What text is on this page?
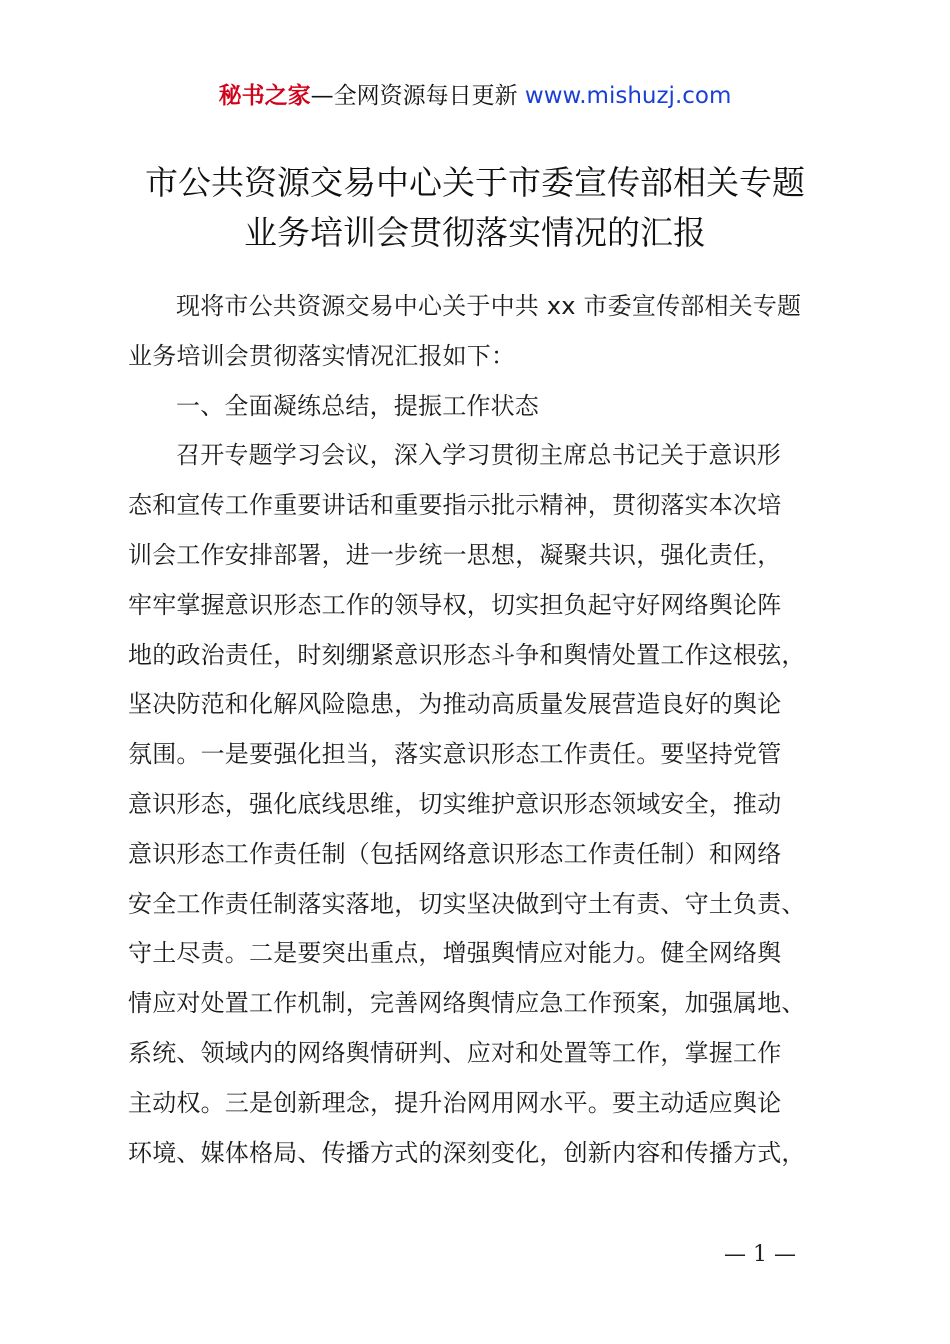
秘书之家—全网资源每日更新 www.mishuzj.com
市公共资源交易中心关于市委宣传部相关专题
业务培训会贯彻落实情况的汇报
现将市公共资源交易中心关于中共 xx 市委宣传部相关专题
业务培训会贯彻落实情况汇报如下：
一、全面凝练总结，提振工作状态
召开专题学习会议，深入学习贯彻主席总书记关于意识形
态和宣传工作重要讲话和重要指示批示精神，贯彻落实本次培
训会工作安排部署，进一步统一思想，凝聚共识，强化责任，
牢牢掌握意识形态工作的领导权，切实担负起守好网络舆论阵
地的政治责任，时刻绷紧意识形态斗争和舆情处置工作这根弦，
坚决防范和化解风险隐患，为推动高质量发展营造良好的舆论
氛围。一是要强化担当，落实意识形态工作责任。要坚持党管
意识形态，强化底线思维，切实维护意识形态领域安全，推动
意识形态工作责任制（包括网络意识形态工作责任制）和网络
安全工作责任制落实落地，切实坚决做到守土有责、守土负责、
守土尽责。二是要突出重点，增强舆情应对能力。健全网络舆
情应对处置工作机制，完善网络舆情应急工作预案，加强属地、
系统、领域内的网络舆情研判、应对和处置等工作，掌握工作
主动权。三是创新理念，提升治网用网水平。要主动适应舆论
环境、媒体格局、传播方式的深刻变化，创新内容和传播方式，
— 1 —
